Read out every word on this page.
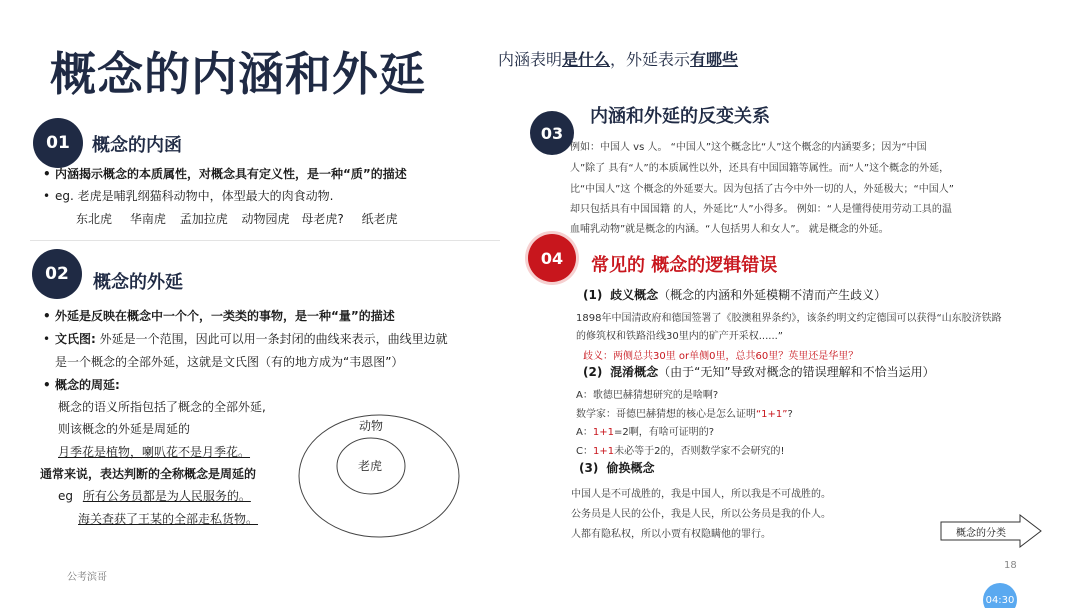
概念的内涵和外延	内涵表明是什么，外延表示有哪些
01	概念的内函
• 内涵揭示概念的本质属性，对概念具有定义性，是一种“质”的描述
• eg. 老虎是哺乳纲猫科动物中，体型最大的肉食动物.
东北虎 华南虎 孟加拉虎 动物园虎 母老虎? 纸老虎
02	概念的外延
• 外延是反映在概念中一个个，一类类的事物，是一种“量”的描述
• 文氏图: 外延是一个范围，因此可以用一条封闭的曲线来表示，曲线里边就
是一个概念的全部外延，这就是文氏图（有的地方成为“韦恩图”）
• 概念的周延:
概念的语义所指包括了概念的全部外延,
则该概念的外延是周延的
月季花是植物，喇叭花不是月季花。
通常来说，表达判断的全称概念是周延的
eg 所有公务员都是为人民服务的。
海关查获了王某的全部走私货物。
动物
老虎
03
内涵和外延的反变关系
例如：中国人 vs 人。 “中国人”这个概念比“人”这个概念的内涵要多；因为“中国
人”除了 具有“人”的本质属性以外，还具有中国国籍等属性。而“人”这个概念的外延，
比“中国人”这 个概念的外延要大。因为包括了古今中外一切的人，外延极大；“中国人”
却只包括具有中国国籍 的人，外延比“人”小得多。 例如：“人是懂得使用劳动工具的温
血哺乳动物”就是概念的内涵。“人包括男人和女人”。 就是概念的外延。
04	常见的 概念的逻辑错误
(1) 歧义概念（概念的内涵和外延模糊不清而产生歧义）
1898年中国清政府和德国签署了《胶澳租界条约》，该条约明文约定德国可以获得“山东胶济铁路
的修筑权和铁路沿线30里内的矿产开采权......”
歧义：两侧总共30里 or单侧0里，总共60里？英里还是华里？
(2) 混淆概念（由于“无知”导致对概念的错误理解和不恰当运用）
A：歌德巴赫猜想研究的是啥啊?
数学家：哥德巴赫猜想的核心是怎么证明“1+1”?
A：1+1=2啊，有啥可证明的?
C：1+1未必等于2的，否则数学家不会研究的!
(3) 偷换概念
中国人是不可战胜的，我是中国人，所以我是不可战胜的。
公务员是人民的公仆，我是人民，所以公务员是我的仆人。
人都有隐私权，所以小贾有权隐瞒他的罪行。	概念的分类
公考滨哥
18
04:30
